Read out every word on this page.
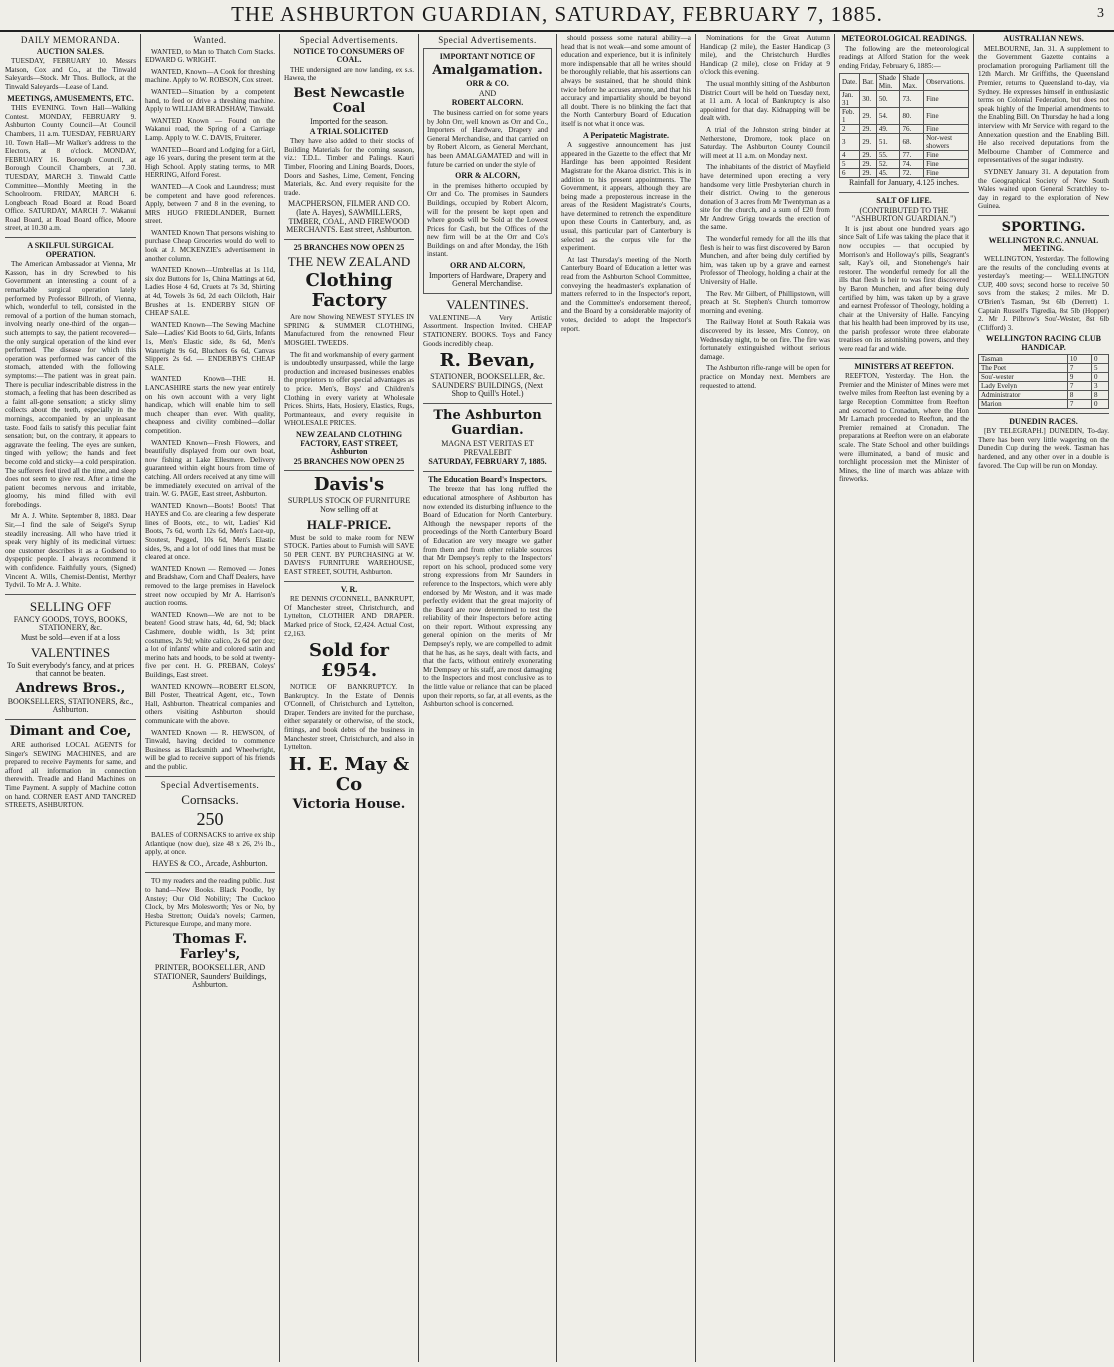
THE ASHBURTON GUARDIAN, SATURDAY, FEBRUARY 7, 1885.	3
DAILY MEMORANDA.
AUCTION SALES.

TUESDAY, FEBRUARY 10. Messrs Matson, Cox and Co., at the Tinwald Saleyards—Stock. Mr Thos. Bullock, at the Tinwald Saleyards—Lease of Land.

MEETINGS, AMUSEMENTS, ETC.

THIS EVENING. Town Hall—Walking Contest. MONDAY, FEBRUARY 9. Ashburton County Council—At Council Chambers, 11 a.m. TUESDAY, FEBRUARY 10. Town Hall—Mr Walker's address to the Electors, at 8 o'clock. MONDAY, FEBRUARY 16. Borough Council, at Borough Council Chambers, at 7.30. TUESDAY, MARCH 3. Tinwald Cattle Committee—Monthly Meeting in the Schoolroom. FRIDAY, MARCH 6. Longbeach Road Board at Road Board Office. SATURDAY, MARCH 7. Wakanui Road Board, at Road Board office, Moore street, at 10.30 a.m.

A SKILFUL SURGICAL OPERATION.

The American Ambassador at Vienna, Mr Kasson, has in dry Screwbed to his Government an interesting a count of a remarkable surgical operation lately performed by Professor Billroth, of Vienna, which, wonderful to tell, consisted in the removal of a portion of the human stomach, involving nearly one-third of the organ—such attempts to say, the patient recovered—the only surgical operation of the kind ever performed. The disease for which this operation was performed was cancer of the stomach, attended with the following symptoms:—The patient was in great pain. There is peculiar indescribable distress in the stomach, a feeling that has been described as a faint all-gone sensation; a sticky slimy collects about the teeth, especially in the mornings, accompanied by an unpleasant taste. Food fails to satisfy this peculiar faint sensation; but, on the contrary, it appears to aggravate the feeling. The eyes are sunken, tinged with yellow; the hands and feet become cold and sticky—a cold perspiration. The sufferers feel tired all the time, and sleep does not seem to give rest. After a time the patient becomes nervous and irritable, gloomy, his mind filled with evil forebodings.

Mr A. J. White. September 8, 1883. Dear Sir,—I find the sale of Seigel's Syrup steadily increasing. All who have tried it speak very highly of its medicinal virtues: one customer describes it as a Godsend to dyspeptic people. I always recommend it with confidence. Faithfully yours, (Signed) Vincent A. Wills, Chemist-Dentist, Merthyr Tydvil. To Mr A. J. White.

SELLING OFF
FANCY GOODS, TOYS, BOOKS, STATIONERY, &c.
Must be sold—even if at a loss
VALENTINES
To Suit everybody's fancy, and at prices that cannot be beaten.
Andrews Bros.,
BOOKSELLERS, STATIONERS, &c., Ashburton.
Dimant and Coe,

ARE authorised LOCAL AGENTS for Singer's SEWING MACHINES, and are prepared to receive Payments for same, and afford all information in connection therewith. Treadle and Hand Machines on Time Payment. A supply of Machine cotton on hand. CORNER EAST AND TANCRED STREETS, ASHBURTON.

Wanted.

WANTED, to Man to Thatch Corn Stacks. EDWARD G. WRIGHT.

WANTED, Known—A Cook for threshing machine. Apply to W. ROBSON, Cox street.

WANTED—Situation by a competent hand, to feed or drive a threshing machine. Apply to WILLIAM BRADSHAW, Tinwald.

WANTED Known — Found on the Wakanui road, the Spring of a Carriage Lamp. Apply to W. C. DAVIS, Fruiterer.

WANTED—Board and Lodging for a Girl, age 16 years, during the present term at the High School. Apply stating terms, to MR HERRING, Alford Forest.

WANTED—A Cook and Laundress; must be competent and have good references. Apply, between 7 and 8 in the evening, to MRS HUGO FRIEDLANDER, Burnett street.

WANTED Known That persons wishing to purchase Cheap Groceries would do well to look at J. MCKENZIE's advertisement in another column.

WANTED Known—Umbrellas at 1s 11d, six doz Buttons for 1s, China Mattings at 6d, Ladies Hose 4 6d, Cruets at 7s 3d, Shirting at 4d, Towels 3s 6d, 2d each Oilcloth, Hair Brushes at 1s. ENDERBY SIGN OF CHEAP SALE.

WANTED Known—The Sewing Machine Sale—Ladies' Kid Boots to 6d, Girls, Infants 1s, Men's Elastic side, 8s 6d, Men's Watertight 9s 6d, Bluchers 6s 6d, Canvas Slippers 2s 6d. — ENDERBY'S CHEAP SALE.

WANTED Known—THE H. LANCASHIRE starts the new year entirely on his own account with a very light handicap, which will enable him to sell much cheaper than ever. With quality, cheapness and civility combined—dollar competition.

WANTED Known—Fresh Flowers, and beautifully displayed from our own boat, now fishing at Lake Ellesmere. Delivery guaranteed within eight hours from time of catching. All orders received at any time will be immediately executed on arrival of the train. W. G. PAGE, East street, Ashburton.

WANTED Known—Boots! Boots! That HAYES and Co. are clearing a few desperate lines of Boots, etc., to wit, Ladies' Kid Boots, 7s 6d, worth 12s 6d, Men's Lace-up, Stoutest, Pegged, 10s 6d, Men's Elastic sides, 9s, and a lot of odd lines that must be cleared at once.

WANTED Known — Removed — Jones and Bradshaw, Corn and Chaff Dealers, have removed to the large premises in Havelock street now occupied by Mr A. Harrison's auction rooms.

WANTED Known—We are not to be beaten! Good straw hats, 4d, 6d, 9d; black Cashmere, double width, 1s 3d; print costumes, 2s 9d; white calico, 2s 6d per doz; a lot of infants' white and colored satin and merino hats and hoods, to be sold at twenty-five per cent. H. G. PREBAN, Coleys' Buildings, East street.

WANTED KNOWN—ROBERT ELSON, Bill Poster, Theatrical Agent, etc., Town Hall, Ashburton. Theatrical companies and others visiting Ashburton should communicate with the above.

WANTED Known — R. HEWSON, of Tinwald, having decided to commence Business as Blacksmith and Wheelwright, will be glad to receive support of his friends and the public.

Special Advertisements.
Cornsacks.
250

BALES of CORNSACKS to arrive ex ship Atlantique (now due), size 48 x 26, 2½ lb., apply, at once.

HAYES & CO., Arcade, Ashburton.

TO my readers and the reading public. Just to hand—New Books. Black Poodle, by Anstey; Our Old Nobility; The Cuckoo Clock, by Mrs Molesworth; Yes or No, by Hesba Stretton; Ouida's novels; Carmen, Picturesque Europe, and many more.

Thomas F. Farley's,
PRINTER, BOOKSELLER, AND STATIONER, Saunders' Buildings, Ashburton.
Special Advertisements.
NOTICE TO CONSUMERS OF COAL.

THE undersigned are now landing, ex s.s. Hawea, the

Best Newcastle Coal
Imported for the season.
A TRIAL SOLICITED

They have also added to their stocks of Building Materials for the coming season, viz.: T.D.L. Timber and Palings. Kauri Timber, Flooring and Lining Boards, Doors, Doors and Sashes, Lime, Cement, Fencing Materials, &c. And every requisite for the trade.

MACPHERSON, FILMER AND CO. (late A. Hayes), SAWMILLERS, TIMBER, COAL, AND FIREWOOD MERCHANTS. East street, Ashburton.
25 BRANCHES NOW OPEN 25
THE NEW ZEALAND
Clothing Factory

Are now Showing NEWEST STYLES IN SPRING & SUMMER CLOTHING, Manufactured from the renowned Fleur MOSGIEL TWEEDS.

The fit and workmanship of every garment is undoubtedly unsurpassed, while the large production and increased businesses enables the proprietors to offer special advantages as to price. Men's, Boys' and Children's Clothing in every variety at Wholesale Prices. Shirts, Hats, Hosiery, Elastics, Rugs, Portmanteaux, and every requisite in WHOLESALE PRICES.

NEW ZEALAND CLOTHING FACTORY, EAST STREET, Ashburton
25 BRANCHES NOW OPEN 25
Davis's
SURPLUS STOCK OF FURNITURE Now selling off at
HALF-PRICE.

Must be sold to make room for NEW STOCK. Parties about to Furnish will SAVE 50 PER CENT. BY PURCHASING at W. DAVIS'S FURNITURE WAREHOUSE, EAST STREET, SOUTH, Ashburton.

V. R.

RE DENNIS O'CONNELL, BANKRUPT, Of Manchester street, Christchurch, and Lyttelton, CLOTHIER AND DRAPER. Marked price of Stock, £2,424. Actual Cost, £2,163.

Sold for £954.

NOTICE OF BANKRUPTCY. In Bankruptcy. In the Estate of Dennis O'Connell, of Christchurch and Lyttelton, Draper. Tenders are invited for the purchase, either separately or otherwise, of the stock, fittings, and book debts of the business in Manchester street, Christchurch, and also in Lyttelton.

H. E. May & Co
Victoria House.
Special Advertisements.
IMPORTANT NOTICE OF
Amalgamation.
ORR & CO.
AND
ROBERT ALCORN.

The business carried on for some years by John Orr, well known as Orr and Co., Importers of Hardware, Drapery and General Merchandise, and that carried on by Robert Alcorn, as General Merchant, has been AMALGAMATED and will in future be carried on under the style of

ORR & ALCORN,

in the premises hitherto occupied by Orr and Co. The promises in Saunders Buildings, occupied by Robert Alcorn, will for the present be kept open and where goods will be Sold at the Lowest Prices for Cash, but the Offices of the new firm will be at the Orr and Co's Buildings on and after Monday, the 16th instant.

ORR AND ALCORN,
Importers of Hardware, Drapery and General Merchandise.
VALENTINES.

VALENTINE—A Very Artistic Assortment. Inspection Invited. CHEAP STATIONERY. BOOKS. Toys and Fancy Goods incredibly cheap.

R. Bevan,
STATIONER, BOOKSELLER, &c. SAUNDERS' BUILDINGS, (Next Shop to Quill's Hotel.)
The Ashburton Guardian.
MAGNA EST VERITAS ET PREVALEBIT
SATURDAY, FEBRUARY 7, 1885.
The Education Board's Inspectors.

The breeze that has long ruffled the educational atmosphere of Ashburton has now extended its disturbing influence to the Board of Education for North Canterbury. Although the newspaper reports of the proceedings of the North Canterbury Board of Education are very meagre we gather from them and from other reliable sources that Mr Dempsey's reply to the Inspectors' report on his school, produced some very strong expressions from Mr Saunders in reference to the Inspectors, which were ably endorsed by Mr Weston, and it was made perfectly evident that the great majority of the Board are now determined to test the reliability of their Inspectors before acting on their report. Without expressing any general opinion on the merits of Mr Dempsey's reply, we are compelled to admit that he has, as he says, dealt with facts, and that the facts, without entirely exonerating Mr Dempsey or his staff, are most damaging to the Inspectors and most conclusive as to the little value or reliance that can be placed upon their reports, so far, at all events, as the Ashburton school is concerned.

should possess some natural ability—a head that is not weak—and some amount of education and experience, but it is infinitely more indispensable that all he writes should be thoroughly reliable, that his assertions can always be sustained, that he should think twice before he accuses anyone, and that his accuracy and impartiality should be beyond all doubt. There is no blinking the fact that the North Canterbury Board of Education itself is not what it once was.

A Peripatetic Magistrate.

A suggestive announcement has just appeared in the Gazette to the effect that Mr Hardinge has been appointed Resident Magistrate for the Akaroa district. This is in addition to his present appointments. The Government, it appears, although they are being made a preposterous increase in the areas of the Resident Magistrate's Courts, have determined to retrench the expenditure upon these Courts in Canterbury, and, as usual, this particular part of Canterbury is selected as the corpus vile for the experiment.

At last Thursday's meeting of the North Canterbury Board of Education a letter was read from the Ashburton School Committee, conveying the headmaster's explanation of matters referred to in the Inspector's report, and the Committee's endorsement thereof, and the Board by a considerable majority of votes, decided to adopt the Inspector's report.

Nominations for the Great Autumn Handicap (2 mile), the Easter Handicap (3 mile), and the Christchurch Hurdles Handicap (2 mile), close on Friday at 9 o'clock this evening.

The usual monthly sitting of the Ashburton District Court will be held on Tuesday next, at 11 a.m. A local of Bankruptcy is also appointed for that day. Kidnapping will be dealt with.

A trial of the Johnston string binder at Netherstone, Dromore, took place on Saturday. The Ashburton County Council will meet at 11 a.m. on Monday next.

The inhabitants of the district of Mayfield have determined upon erecting a very handsome very little Presbyterian church in their district. Owing to the generous donation of 3 acres from Mr Twentyman as a site for the church, and a sum of £20 from Mr Andrew Grigg towards the erection of the same.

The wonderful remedy for all the ills that flesh is heir to was first discovered by Baron Munchen, and after being duly certified by him, was taken up by a grave and earnest Professor of Theology, holding a chair at the University of Halle.

The Rev. Mr Gilbert, of Phillipstown, will preach at St. Stephen's Church tomorrow morning and evening.

The Railway Hotel at South Rakaia was discovered by its lessee, Mrs Conroy, on Wednesday night, to be on fire. The fire was fortunately extinguished without serious damage.

The Ashburton rifle-range will be open for practice on Monday next. Members are requested to attend.

METEOROLOGICAL READINGS.

The following are the meteorological readings at Alford Station for the week ending Friday, February 6, 1885:—

Date.	Bar.	Shade Min.	Shade Max.	Observations.
Jan. 31	30.	50.	73.	Fine
Feb. 1	29.	54.	80.	Fine
2	29.	49.	76.	Fine
3	29.	51.	68.	Nor-west showers
4	29.	55.	77.	Fine
5	29.	52.	74.	Fine
6	29.	45.	72.	Fine
Rainfall for January, 4.125 inches.
SALT OF LIFE.
(CONTRIBUTED TO THE "ASHBURTON GUARDIAN.")

It is just about one hundred years ago since Salt of Life was taking the place that it now occupies — that occupied by Morrison's and Holloway's pills, Seagrant's salt, Kay's oil, and Stonehenge's hair restorer. The wonderful remedy for all the ills that flesh is heir to was first discovered by Baron Munchen, and after being duly certified by him, was taken up by a grave and earnest Professor of Theology, holding a chair at the University of Halle. Fancying that his health had been improved by its use, the parish professor wrote three elaborate treatises on its astonishing powers, and they were read far and wide.

MINISTERS AT REEFTON.

REEFTON, Yesterday. The Hon. the Premier and the Minister of Mines were met twelve miles from Reefton last evening by a large Reception Committee from Reefton and escorted to Cronadun, where the Hon Mr Larnach proceeded to Reefton, and the Premier remained at Cronadun. The preparations at Reefton were on an elaborate scale. The State School and other buildings were illuminated, a band of music and torchlight procession met the Minister of Mines, the line of march was ablaze with fireworks.

AUSTRALIAN NEWS.

MELBOURNE, Jan. 31. A supplement to the Government Gazette contains a proclamation proroguing Parliament till the 12th March. Mr Griffiths, the Queensland Premier, returns to Queensland to-day, via Sydney. He expresses himself in enthusiastic terms on Colonial Federation, but does not speak highly of the Imperial amendments to the Enabling Bill. On Thursday he had a long interview with Mr Service with regard to the Annexation question and the Enabling Bill. He also received deputations from the Melbourne Chamber of Commerce and representatives of the sugar industry.

SYDNEY January 31. A deputation from the Geographical Society of New South Wales waited upon General Scratchley to-day in regard to the exploration of New Guinea.

SPORTING.
WELLINGTON R.C. ANNUAL MEETING.

WELLINGTON, Yesterday. The following are the results of the concluding events at yesterday's meeting:— WELLINGTON CUP, 400 sovs; second horse to receive 50 sovs from the stakes; 2 miles. Mr D. O'Brien's Tasman, 9st 6lb (Derrett) 1. Captain Russell's Tigredia, 8st 5lb (Hopper) 2. Mr J. Pilbrow's Sou'-Wester, 8st 6lb (Clifford) 3.

WELLINGTON RACING CLUB HANDICAP.
Tasman	10	0
The Poet	7	5
Sou'-wester	9	0
Lady Evelyn	7	3
Administrator	8	8
Marion	7	0
DUNEDIN RACES.

[BY TELEGRAPH.] DUNEDIN, To-day. There has been very little wagering on the Dunedin Cup during the week. Tasman has hardened, and any other over in a double is favored. The Cup will be run on Monday.
